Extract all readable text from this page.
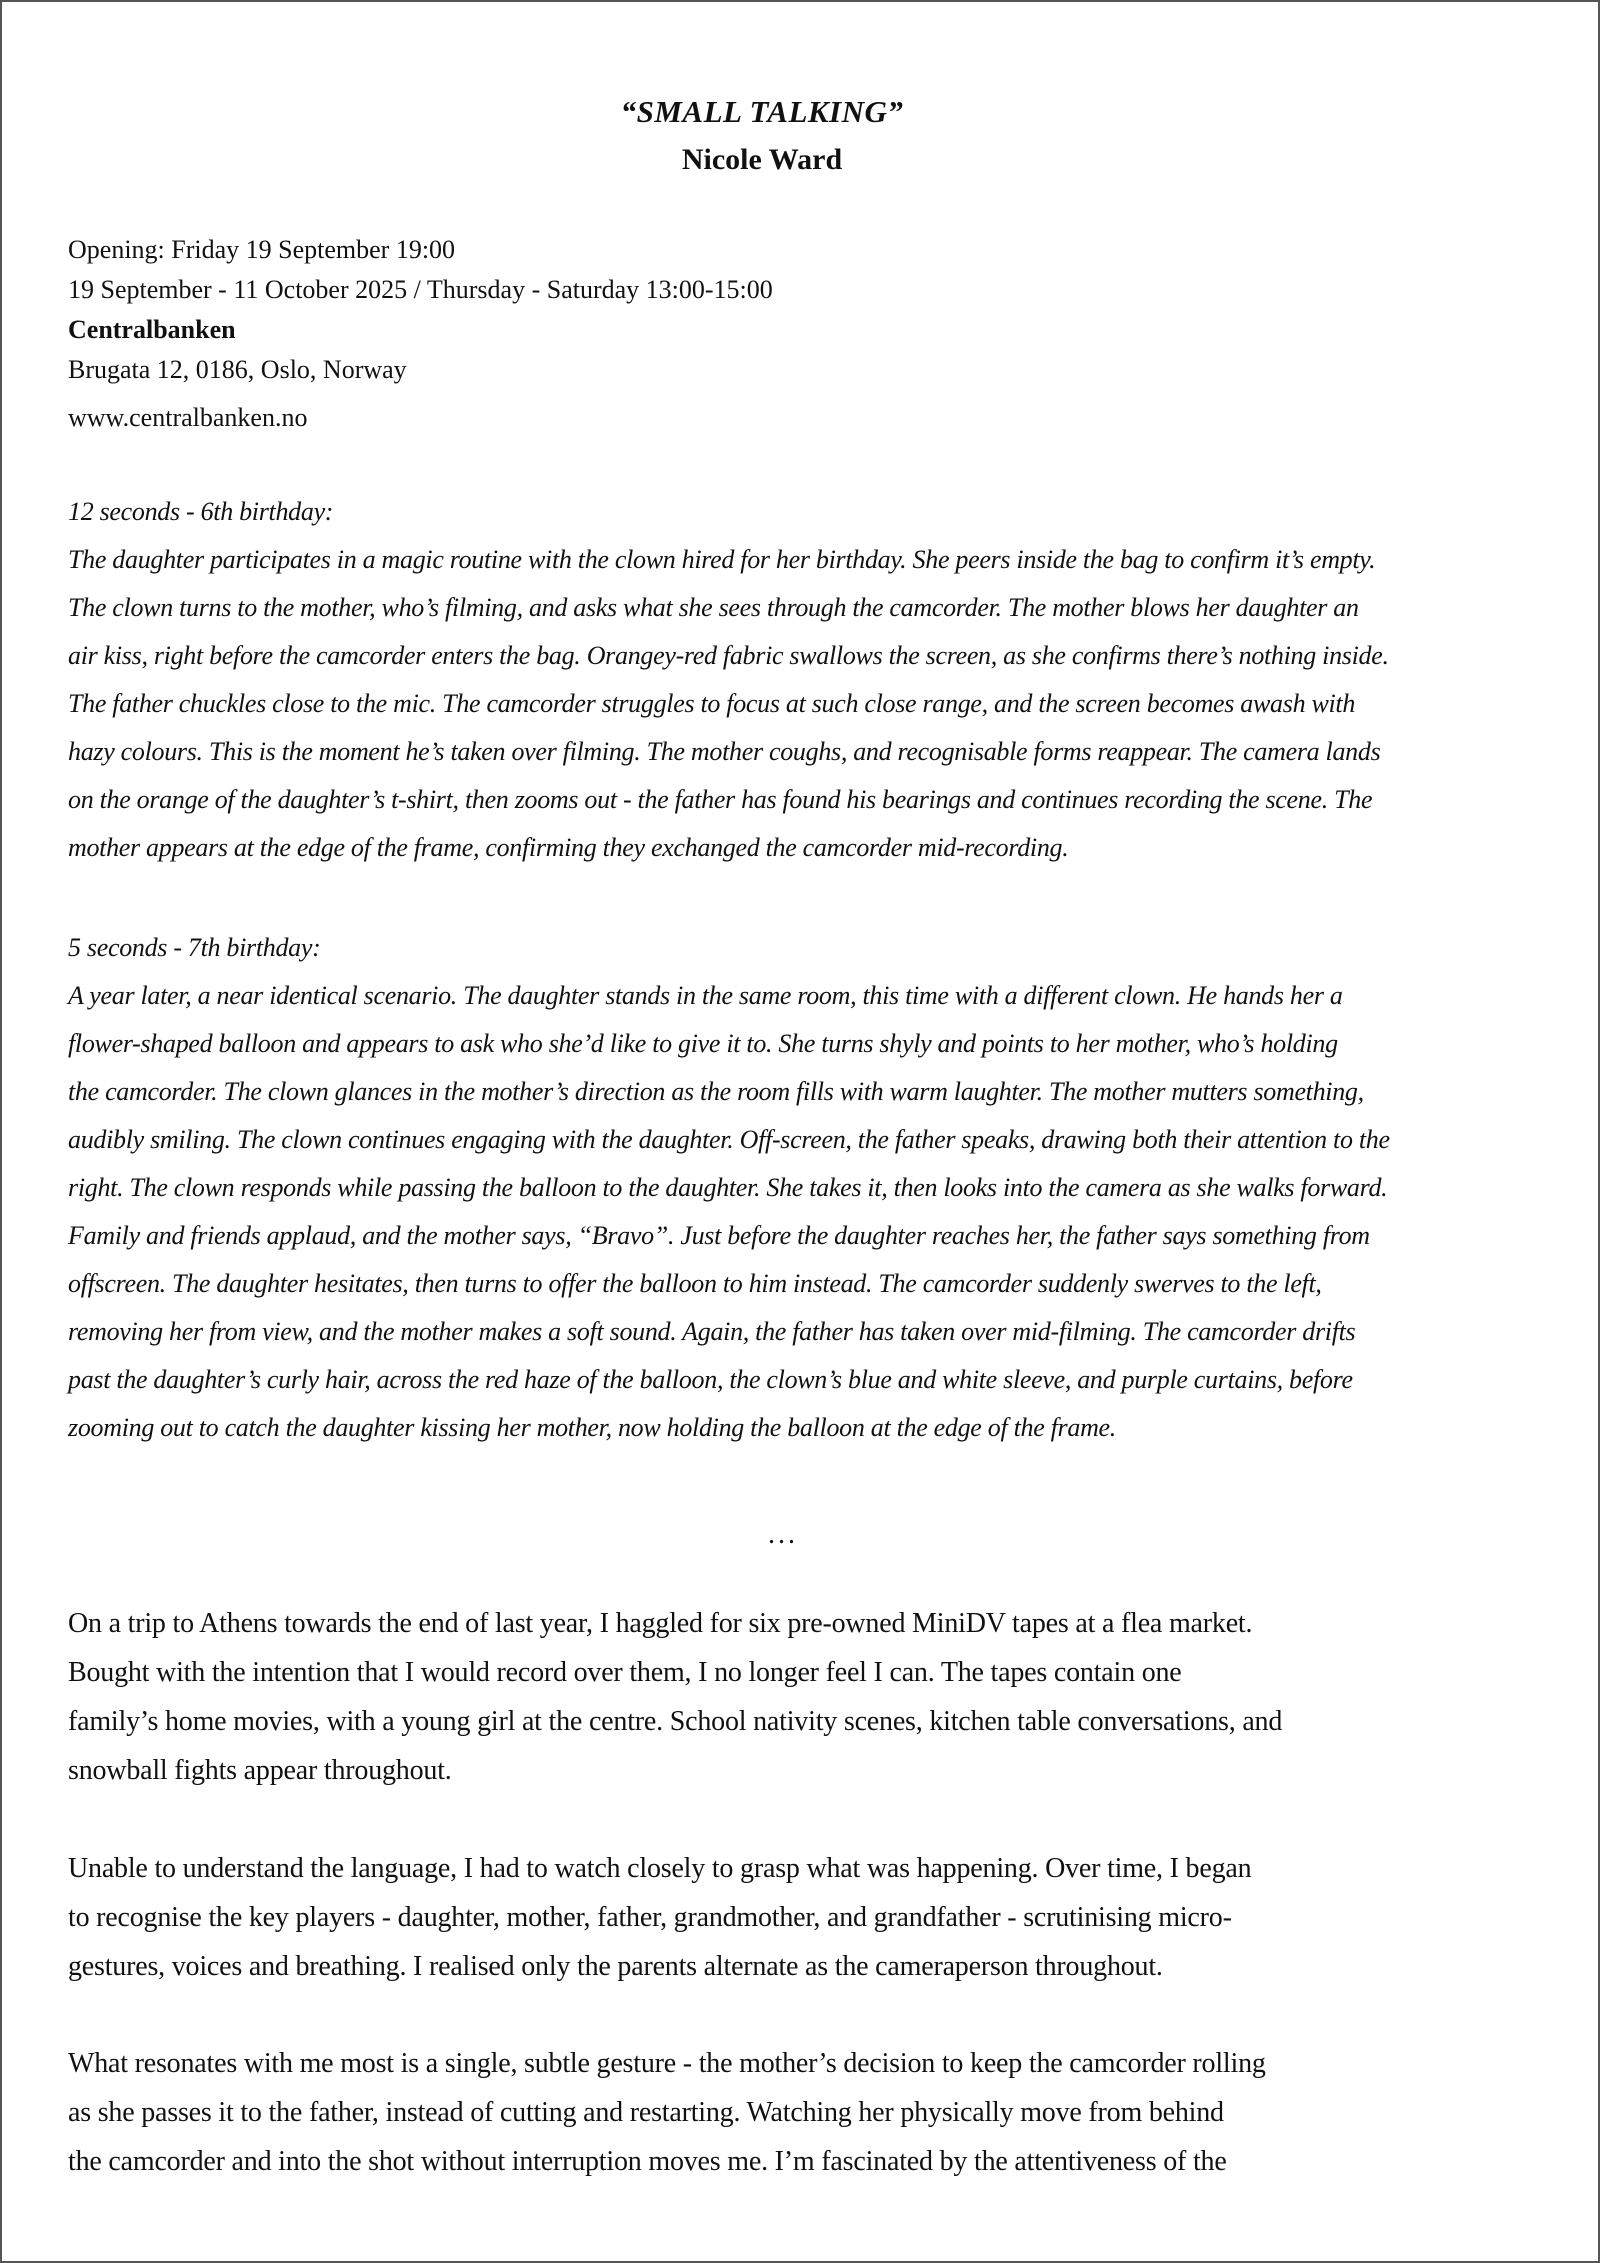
“SMALL TALKING”
Nicole Ward
Opening: Friday 19 September 19:00
19 September - 11 October 2025 / Thursday - Saturday 13:00-15:00
Centralbanken
Brugata 12, 0186, Oslo, Norway
www.centralbanken.no
12 seconds - 6th birthday:
The daughter participates in a magic routine with the clown hired for her birthday. She peers inside the bag to confirm it’s empty.
The clown turns to the mother, who’s filming, and asks what she sees through the camcorder. The mother blows her daughter an
air kiss, right before the camcorder enters the bag. Orangey-red fabric swallows the screen, as she confirms there’s nothing inside.
The father chuckles close to the mic. The camcorder struggles to focus at such close range, and the screen becomes awash with
hazy colours. This is the moment he’s taken over filming. The mother coughs, and recognisable forms reappear. The camera lands
on the orange of the daughter’s t-shirt, then zooms out - the father has found his bearings and continues recording the scene. The
mother appears at the edge of the frame, confirming they exchanged the camcorder mid-recording.
5 seconds - 7th birthday:
A year later, a near identical scenario. The daughter stands in the same room, this time with a different clown. He hands her a
flower-shaped balloon and appears to ask who she’d like to give it to. She turns shyly and points to her mother, who’s holding
the camcorder. The clown glances in the mother’s direction as the room fills with warm laughter. The mother mutters something,
audibly smiling. The clown continues engaging with the daughter. Off-screen, the father speaks, drawing both their attention to the
right. The clown responds while passing the balloon to the daughter. She takes it, then looks into the camera as she walks forward.
Family and friends applaud, and the mother says, “Bravo”. Just before the daughter reaches her, the father says something from
offscreen. The daughter hesitates, then turns to offer the balloon to him instead. The camcorder suddenly swerves to the left,
removing her from view, and the mother makes a soft sound. Again, the father has taken over mid-filming. The camcorder drifts
past the daughter’s curly hair, across the red haze of the balloon, the clown’s blue and white sleeve, and purple curtains, before
zooming out to catch the daughter kissing her mother, now holding the balloon at the edge of the frame.
...
On a trip to Athens towards the end of last year, I haggled for six pre-owned MiniDV tapes at a flea market.
Bought with the intention that I would record over them, I no longer feel I can. The tapes contain one
family’s home movies, with a young girl at the centre. School nativity scenes, kitchen table conversations, and
snowball fights appear throughout.
Unable to understand the language, I had to watch closely to grasp what was happening. Over time, I began
to recognise the key players - daughter, mother, father, grandmother, and grandfather - scrutinising micro-
gestures, voices and breathing. I realised only the parents alternate as the cameraperson throughout.
What resonates with me most is a single, subtle gesture - the mother’s decision to keep the camcorder rolling
as she passes it to the father, instead of cutting and restarting. Watching her physically move from behind
the camcorder and into the shot without interruption moves me. I’m fascinated by the attentiveness of the
